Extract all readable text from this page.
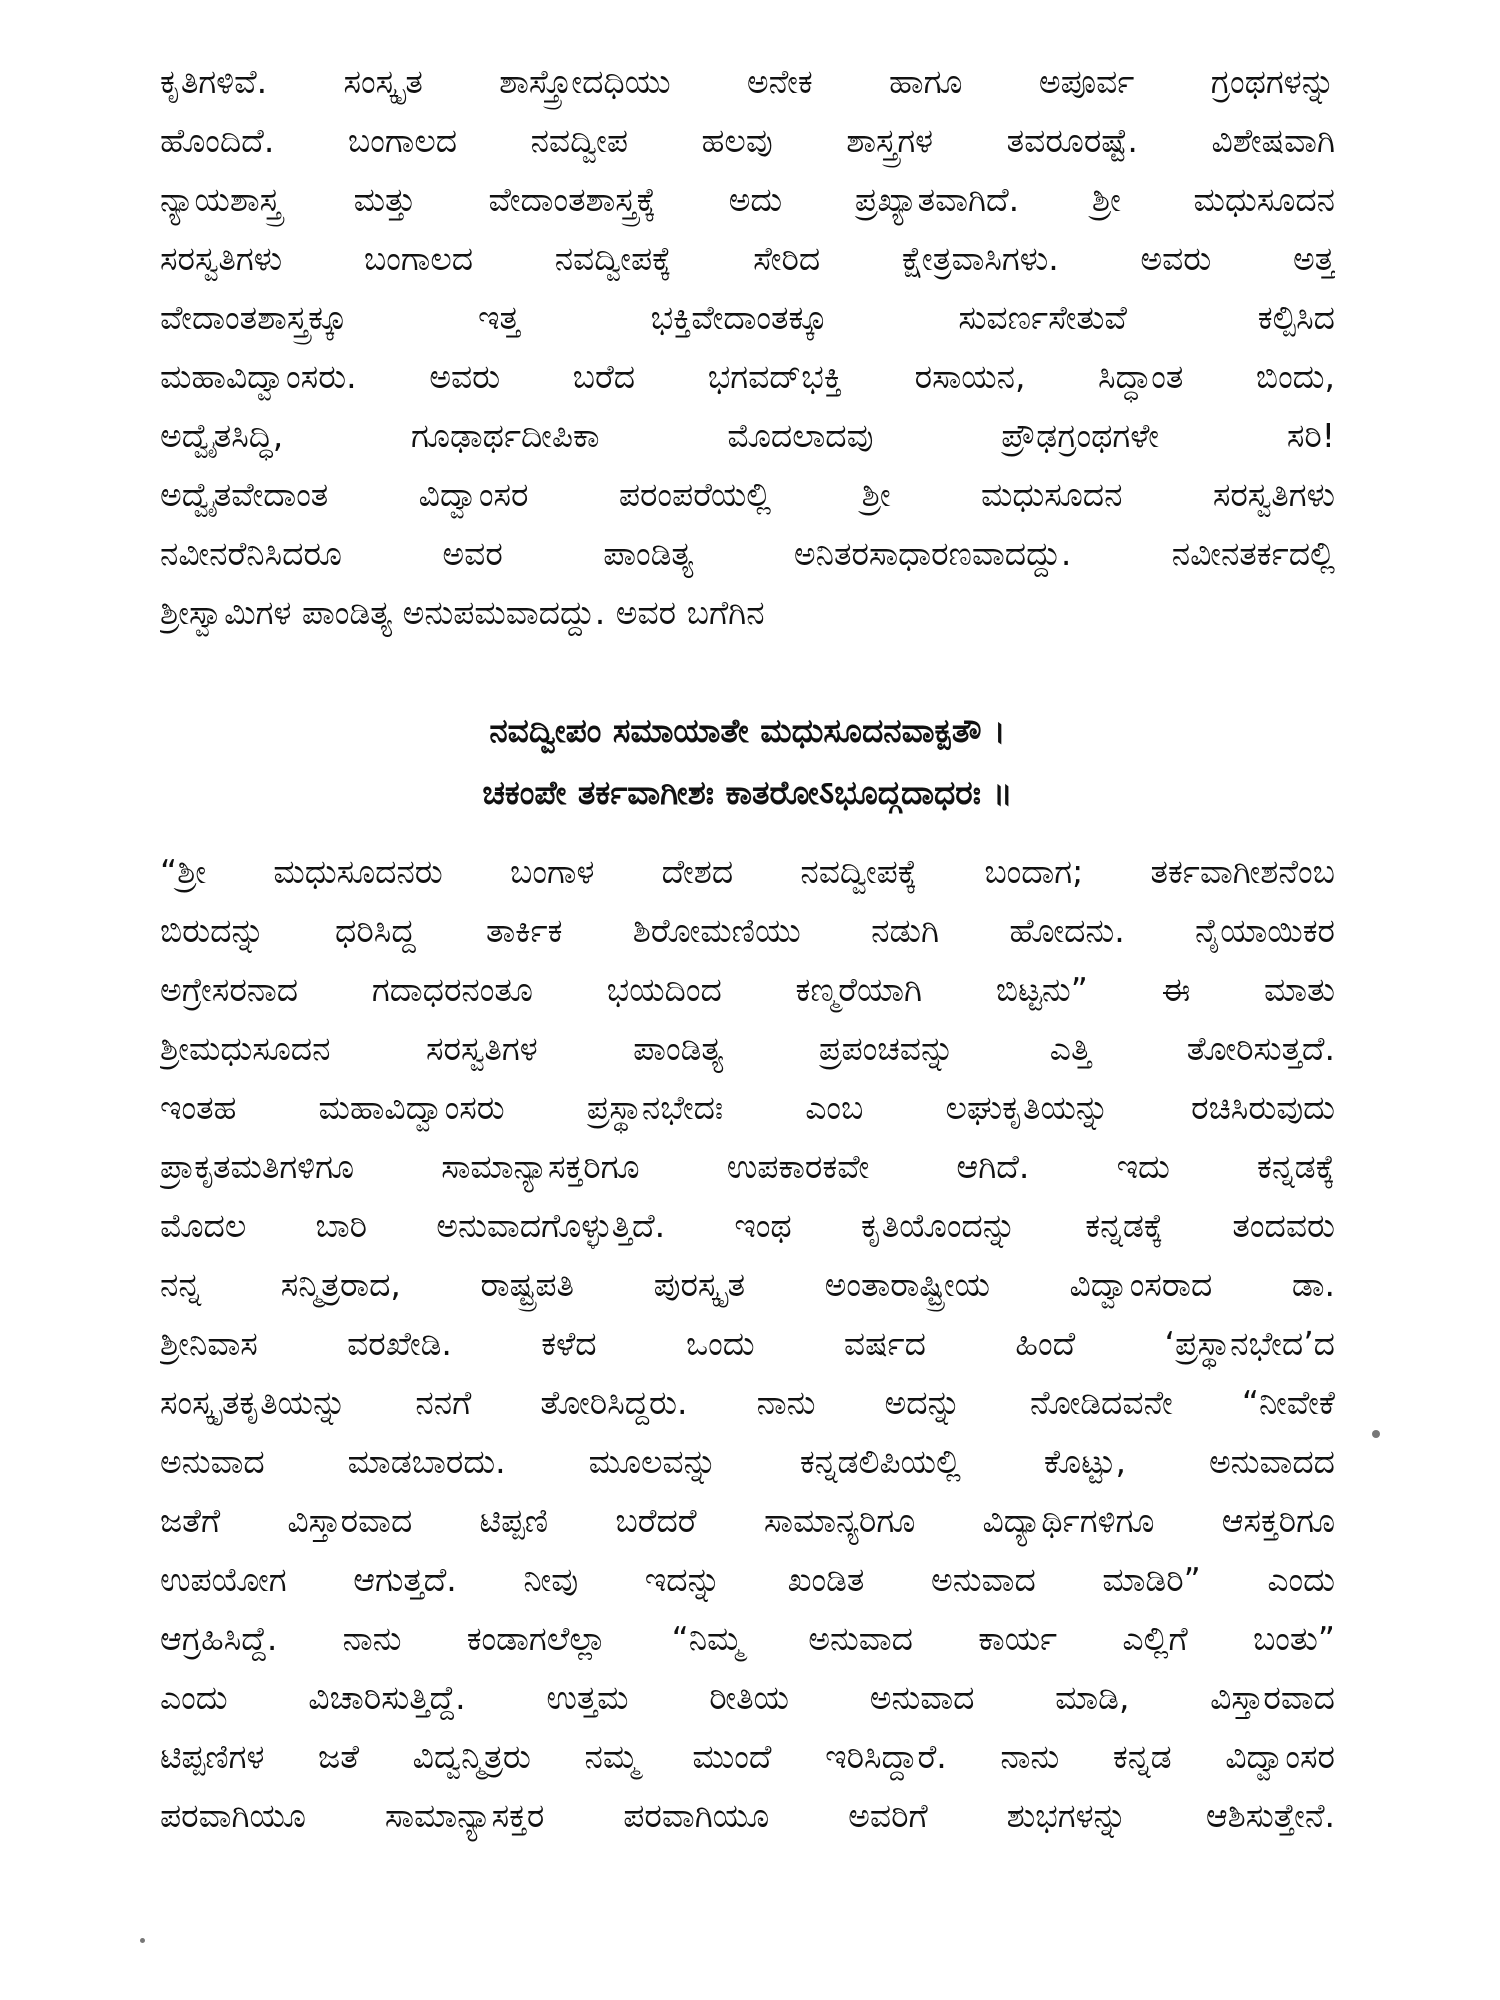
ಕೃತಿಗಳಿವೆ. ಸಂಸ್ಕೃತ ಶಾಸ್ತ್ರೋದಧಿಯು ಅನೇಕ ಹಾಗೂ ಅಪೂರ್ವ ಗ್ರಂಥಗಳನ್ನು
ಹೊಂದಿದೆ. ಬಂಗಾಲದ ನವದ್ವೀಪ ಹಲವು ಶಾಸ್ತ್ರಗಳ ತವರೂರಷ್ಟೆ. ವಿಶೇಷವಾಗಿ
ನ್ಯಾಯಶಾಸ್ತ್ರ ಮತ್ತು ವೇದಾಂತಶಾಸ್ತ್ರಕ್ಕೆ ಅದು ಪ್ರಖ್ಯಾತವಾಗಿದೆ. ಶ್ರೀ ಮಧುಸೂದನ
ಸರಸ್ವತಿಗಳು ಬಂಗಾಲದ ನವದ್ವೀಪಕ್ಕೆ ಸೇರಿದ ಕ್ಷೇತ್ರವಾಸಿಗಳು. ಅವರು ಅತ್ತ
ವೇದಾಂತಶಾಸ್ತ್ರಕ್ಕೂ ಇತ್ತ ಭಕ್ತಿವೇದಾಂತಕ್ಕೂ ಸುವರ್ಣಸೇತುವೆ ಕಲ್ಪಿಸಿದ
ಮಹಾವಿದ್ವಾಂಸರು. ಅವರು ಬರೆದ ಭಗವದ್‌ಭಕ್ತಿ ರಸಾಯನ, ಸಿದ್ಧಾಂತ ಬಿಂದು,
ಅದ್ವೈತಸಿದ್ಧಿ, ಗೂಢಾರ್ಥದೀಪಿಕಾ ಮೊದಲಾದವು ಪ್ರೌಢಗ್ರಂಥಗಳೇ ಸರಿ!
ಅದ್ವೈತವೇದಾಂತ ವಿದ್ವಾಂಸರ ಪರಂಪರೆಯಲ್ಲಿ ಶ್ರೀ ಮಧುಸೂದನ ಸರಸ್ವತಿಗಳು
ನವೀನರೆನಿಸಿದರೂ ಅವರ ಪಾಂಡಿತ್ಯ ಅನಿತರಸಾಧಾರಣವಾದದ್ದು. ನವೀನತರ್ಕದಲ್ಲಿ
ಶ್ರೀಸ್ವಾಮಿಗಳ ಪಾಂಡಿತ್ಯ ಅನುಪಮವಾದದ್ದು. ಅವರ ಬಗೆಗಿನ
ನವದ್ವೀಪಂ ಸಮಾಯಾತೇ ಮಧುಸೂದನವಾಕ್ಪತೌ ।
ಚಕಂಪೇ ತರ್ಕವಾಗೀಶಃ ಕಾತರೋऽಭೂದ್ಗದಾಧರಃ ॥
“ಶ್ರೀ ಮಧುಸೂದನರು ಬಂಗಾಳ ದೇಶದ ನವದ್ವೀಪಕ್ಕೆ ಬಂದಾಗ; ತರ್ಕವಾಗೀಶನೆಂಬ
ಬಿರುದನ್ನು ಧರಿಸಿದ್ದ ತಾರ್ಕಿಕ ಶಿರೋಮಣಿಯು ನಡುಗಿ ಹೋದನು. ನೈಯಾಯಿಕರ
ಅಗ್ರೇಸರನಾದ ಗದಾಧರನಂತೂ ಭಯದಿಂದ ಕಣ್ಮರೆಯಾಗಿ ಬಿಟ್ಟನು” ಈ ಮಾತು
ಶ್ರೀಮಧುಸೂದನ ಸರಸ್ವತಿಗಳ ಪಾಂಡಿತ್ಯ ಪ್ರಪಂಚವನ್ನು ಎತ್ತಿ ತೋರಿಸುತ್ತದೆ.
ಇಂತಹ ಮಹಾವಿದ್ವಾಂಸರು ಪ್ರಸ್ಥಾನಭೇದಃ ಎಂಬ ಲಘುಕೃತಿಯನ್ನು ರಚಿಸಿರುವುದು
ಪ್ರಾಕೃತಮತಿಗಳಿಗೂ ಸಾಮಾನ್ಯಾಸಕ್ತರಿಗೂ ಉಪಕಾರಕವೇ ಆಗಿದೆ. ಇದು ಕನ್ನಡಕ್ಕೆ
ಮೊದಲ ಬಾರಿ ಅನುವಾದಗೊಳ್ಳುತ್ತಿದೆ. ಇಂಥ ಕೃತಿಯೊಂದನ್ನು ಕನ್ನಡಕ್ಕೆ ತಂದವರು
ನನ್ನ ಸನ್ಮಿತ್ರರಾದ, ರಾಷ್ಟ್ರಪತಿ ಪುರಸ್ಕೃತ ಅಂತಾರಾಷ್ಟ್ರೀಯ ವಿದ್ವಾಂಸರಾದ ಡಾ.
ಶ್ರೀನಿವಾಸ ವರಖೇಡಿ. ಕಳೆದ ಒಂದು ವರ್ಷದ ಹಿಂದೆ ‘ಪ್ರಸ್ಥಾನಭೇದ’ದ
ಸಂಸ್ಕೃತಕೃತಿಯನ್ನು ನನಗೆ ತೋರಿಸಿದ್ದರು. ನಾನು ಅದನ್ನು ನೋಡಿದವನೇ “ನೀವೇಕೆ
ಅನುವಾದ ಮಾಡಬಾರದು. ಮೂಲವನ್ನು ಕನ್ನಡಲಿಪಿಯಲ್ಲಿ ಕೊಟ್ಟು, ಅನುವಾದದ
ಜತೆಗೆ ವಿಸ್ತಾರವಾದ ಟಿಪ್ಪಣಿ ಬರೆದರೆ ಸಾಮಾನ್ಯರಿಗೂ ವಿದ್ಯಾರ್ಥಿಗಳಿಗೂ ಆಸಕ್ತರಿಗೂ
ಉಪಯೋಗ ಆಗುತ್ತದೆ. ನೀವು ಇದನ್ನು ಖಂಡಿತ ಅನುವಾದ ಮಾಡಿರಿ” ಎಂದು
ಆಗ್ರಹಿಸಿದ್ದೆ. ನಾನು ಕಂಡಾಗಲೆಲ್ಲಾ “ನಿಮ್ಮ ಅನುವಾದ ಕಾರ್ಯ ಎಲ್ಲಿಗೆ ಬಂತು”
ಎಂದು ವಿಚಾರಿಸುತ್ತಿದ್ದೆ. ಉತ್ತಮ ರೀತಿಯ ಅನುವಾದ ಮಾಡಿ, ವಿಸ್ತಾರವಾದ
ಟಿಪ್ಪಣಿಗಳ ಜತೆ ವಿದ್ವನ್ಮಿತ್ರರು ನಮ್ಮ ಮುಂದೆ ಇರಿಸಿದ್ದಾರೆ. ನಾನು ಕನ್ನಡ ವಿದ್ವಾಂಸರ
ಪರವಾಗಿಯೂ ಸಾಮಾನ್ಯಾಸಕ್ತರ ಪರವಾಗಿಯೂ ಅವರಿಗೆ ಶುಭಗಳನ್ನು ಆಶಿಸುತ್ತೇನೆ.
